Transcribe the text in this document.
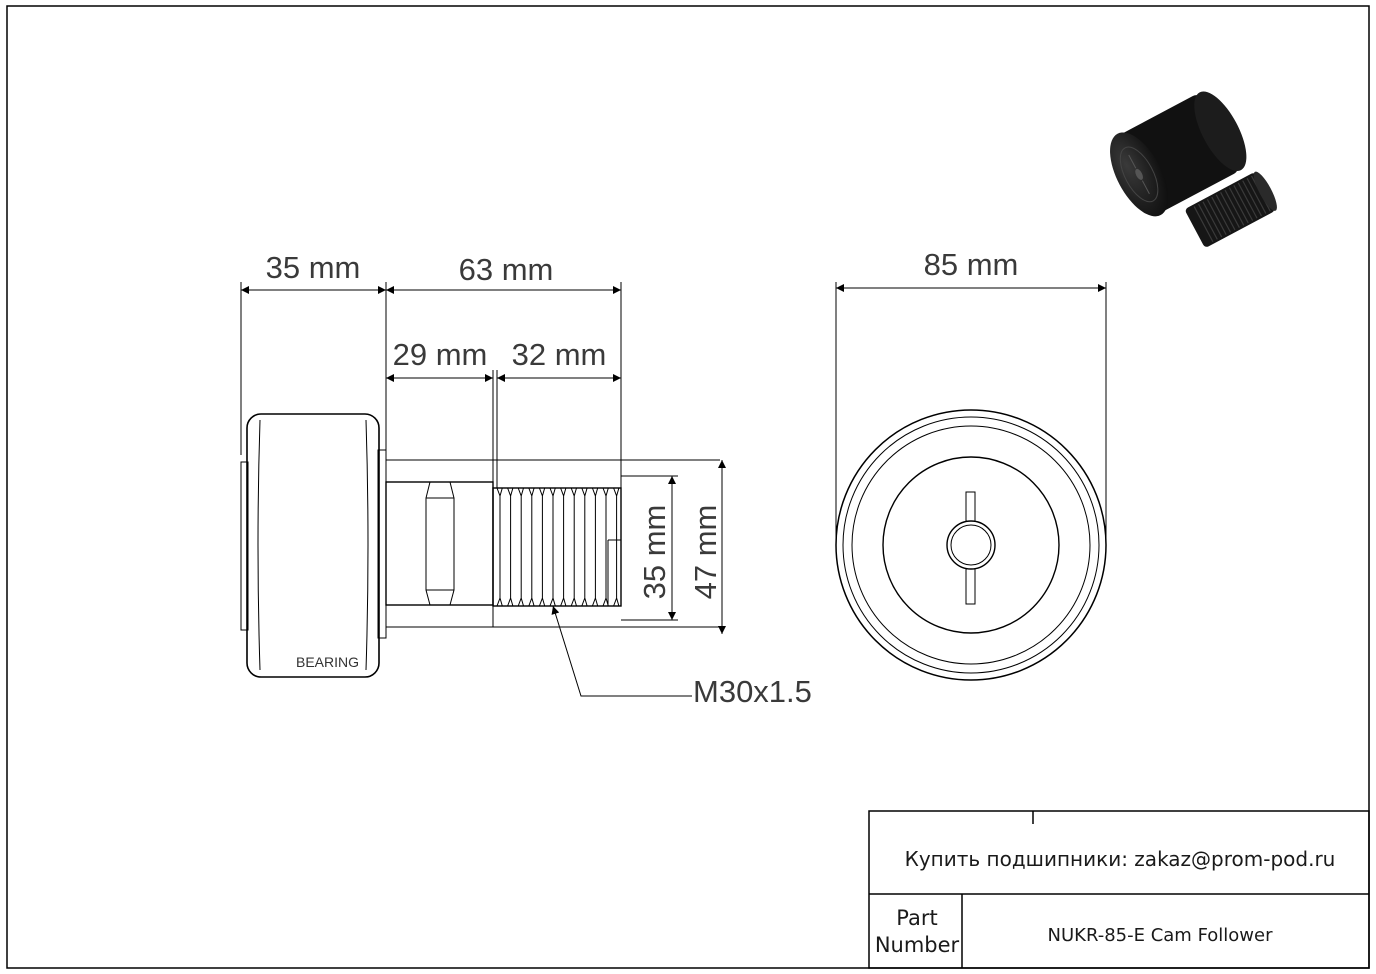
BEARING
35 mm	63 mm
29 mm 32 mm
35 mm 47 mm
M30x1.5
85 mm
Купить подшипники: zakaz@prom-pod.ru
Part
Number	NUKR-85-E Cam Follower
